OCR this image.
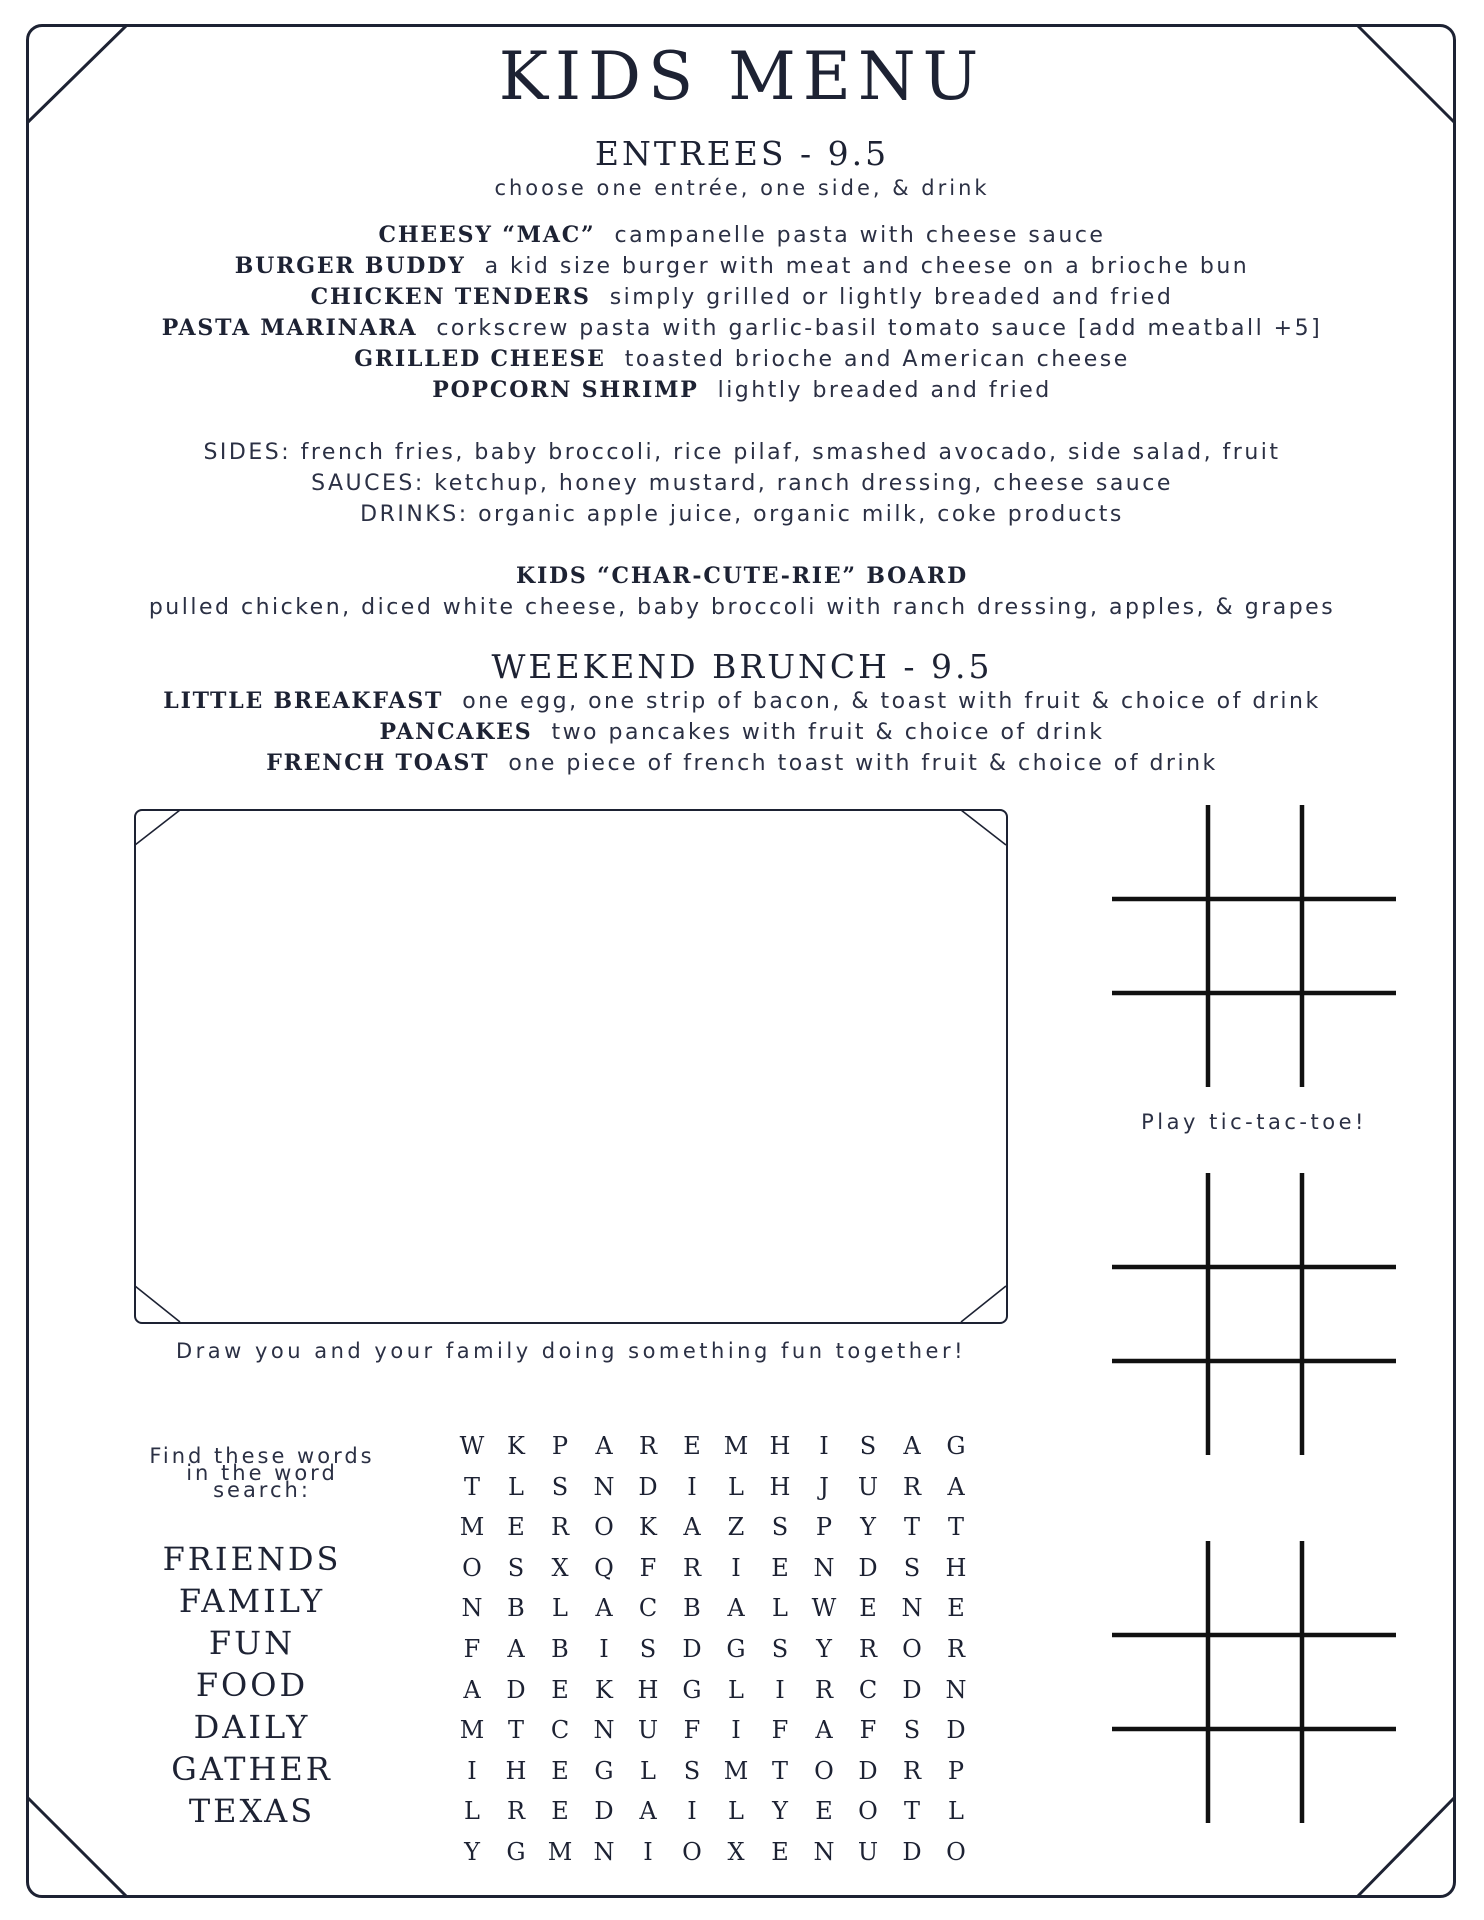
KIDS MENU
ENTREES - 9.5
choose one entrée, one side, & drink
CHEESY “MAC” campanelle pasta with cheese sauce
BURGER BUDDY a kid size burger with meat and cheese on a brioche bun
CHICKEN TENDERS simply grilled or lightly breaded and fried
PASTA MARINARA corkscrew pasta with garlic-basil tomato sauce [add meatball +5]
GRILLED CHEESE toasted brioche and American cheese
POPCORN SHRIMP lightly breaded and fried
SIDES: french fries, baby broccoli, rice pilaf, smashed avocado, side salad, fruit
SAUCES: ketchup, honey mustard, ranch dressing, cheese sauce
DRINKS: organic apple juice, organic milk, coke products
KIDS “CHAR-CUTE-RIE” BOARD
pulled chicken, diced white cheese, baby broccoli with ranch dressing, apples, & grapes
WEEKEND BRUNCH - 9.5
LITTLE BREAKFAST one egg, one strip of bacon, & toast with fruit & choice of drink
PANCAKES two pancakes with fruit & choice of drink
FRENCH TOAST one piece of french toast with fruit & choice of drink
Draw you and your family doing something fun together!
Play tic-tac-toe!
Find these words
in the word
search:
FRIENDS
FAMILY
FUN
FOOD
DAILY
GATHER
TEXAS
W K	P	A	R	E M H	I	S	A	G
T	L	S	N D	I	L	H	J	U	R	A
M E	R	O	K	A	Z	S	P	Y	T	T
O	S	X	Q	F	R	I	E	N D	S	H
N	B	L	A	C	B	A	L W E	N	E
F	A	B	I	S	D	G	S	Y	R	O	R
A	D	E	K	H G	L	I	R	C	D N
M T	C	N U	F	I	F	A	F	S	D
I	H	E	G	L	S M T	O	D	R	P
L	R	E	D	A	I	L	Y	E	O	T	L
Y	G M N	I	O	X	E	N U	D	O
